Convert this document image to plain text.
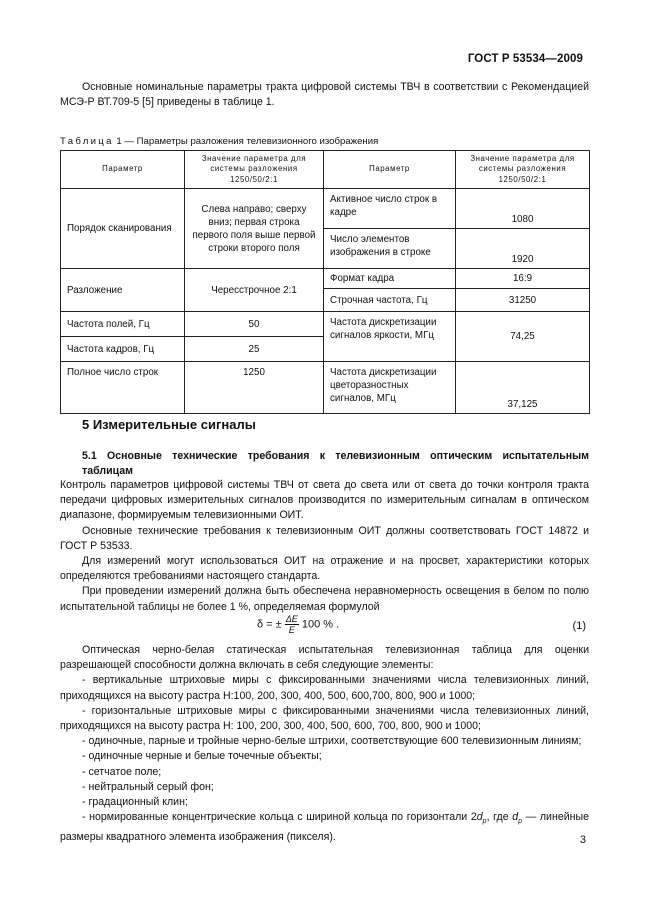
ГОСТ Р 53534—2009
Основные номинальные параметры тракта цифровой системы ТВЧ в соответствии с Рекомендацией МСЭ-Р ВТ.709-5 [5] приведены в таблице 1.
Таблица 1 — Параметры разложения телевизионного изображения
Параметр	Значение параметра для системы разложения 1250/50/2:1	Параметр	Значение параметра для системы разложения 1250/50/2:1
Порядок сканирования	Слева направо; сверху вниз; первая строка первого поля выше первой строки второго поля	Активное число строк в кадре	1080
		Число элементов изображения в строке	1920
Разложение	Чересстрочное 2:1	Формат кадра	16:9
		Строчная частота, Гц	31250
Частота полей, Гц	50	Частота дискретизации сигналов яркости, МГц	74,25
Частота кадров, Гц	25		
Полное число строк	1250	Частота дискретизации цветоразностных сигналов, МГц	37,125
5 Измерительные сигналы
5.1 Основные технические требования к телевизионным оптическим испытательным таблицам
Контроль параметров цифровой системы ТВЧ от света до света или от света до точки контроля тракта передачи цифровых измерительных сигналов производится по измерительным сигналам в оптическом диапазоне, формируемым телевизионными ОИТ.
Основные технические требования к телевизионным ОИТ должны соответствовать ГОСТ 14872 и ГОСТ Р 53533.
Для измерений могут использоваться ОИТ на отражение и на просвет, характеристики которых определяются требованиями настоящего стандарта.
При проведении измерений должна быть обеспечена неравномерность освещения в белом по полю испытательной таблицы не более 1 %, определяемая формулой
δ = ± $\frac{\Delta E}{E} 100$ % .	(1)
Оптическая черно-белая статическая испытательная телевизионная таблица для оценки разрешающей способности должна включать в себя следующие элементы:
- вертикальные штриховые миры с фиксированными значениями числа телевизионных линий, приходящихся на высоту растра Н:100, 200, 300, 400, 500, 600,700, 800, 900 и 1000;
- горизонтальные штриховые миры с фиксированными значениями числа телевизионных линий, приходящихся на высоту растра Н: 100, 200, 300, 400, 500, 600, 700, 800, 900 и 1000;
- одиночные, парные и тройные черно-белые штрихи, соответствующие 600 телевизионным линиям;
- одиночные черные и белые точечные объекты;
- сетчатое поле;
- нейтральный серый фон;
- градационный клин;
- нормированные концентрические кольца с шириной кольца по горизонтали $2d_p$, где $d_p$ — линейные размеры квадратного элемента изображения (пикселя).	3
